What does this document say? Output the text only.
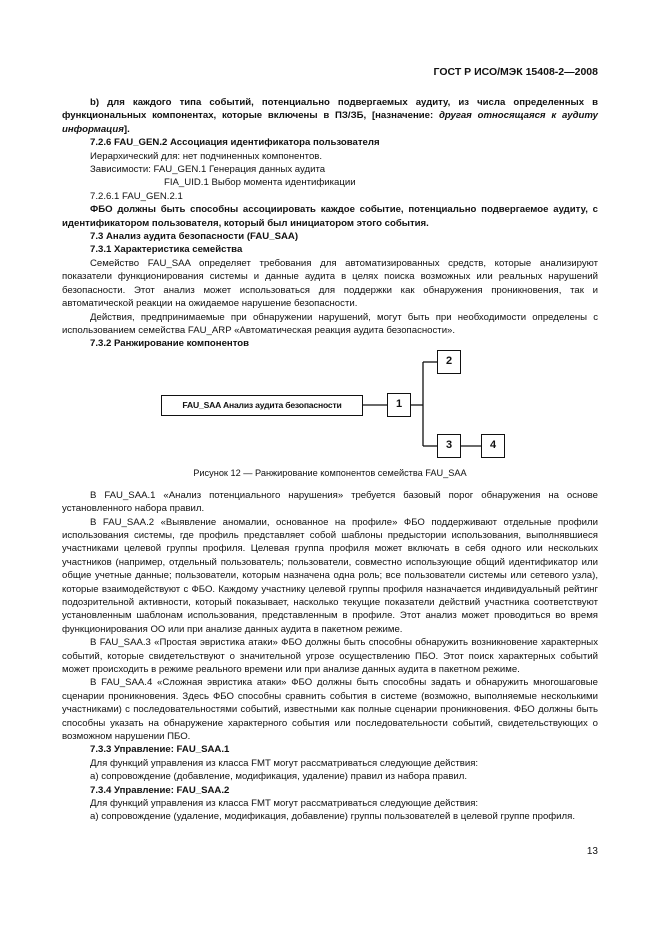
ГОСТ Р ИСО/МЭК 15408-2—2008

b) для каждого типа событий, потенциально подвергаемых аудиту, из числа определенных в функциональных компонентах, которые включены в ПЗ/ЗБ, [назначение: другая относящаяся к аудиту информация].

7.2.6 FAU_GEN.2 Ассоциация идентификатора пользователя

Иерархический для: нет подчиненных компонентов.

Зависимости: FAU_GEN.1 Генерация данных аудита

FIA_UID.1 Выбор момента идентификации

7.2.6.1 FAU_GEN.2.1

ФБО должны быть способны ассоциировать каждое событие, потенциально подвергаемое аудиту, с идентификатором пользователя, который был инициатором этого события.

7.3 Анализ аудита безопасности (FAU_SAA)

7.3.1 Характеристика семейства

Семейство FAU_SAA определяет требования для автоматизированных средств, которые анализируют показатели функционирования системы и данные аудита в целях поиска возможных или реальных нарушений безопасности. Этот анализ может использоваться для поддержки как обнаружения проникновения, так и автоматической реакции на ожидаемое нарушение безопасности.

Действия, предпринимаемые при обнаружении нарушений, могут быть при необходимости определены с использованием семейства FAU_ARP «Автоматическая реакция аудита безопасности».

7.3.2 Ранжирование компонентов

FAU_SAA Анализ аудита безопасности	1
2
3	4

Рисунок 12 — Ранжирование компонентов семейства FAU_SAA

В FAU_SAA.1 «Анализ потенциального нарушения» требуется базовый порог обнаружения на основе установленного набора правил.

В FAU_SAA.2 «Выявление аномалии, основанное на профиле» ФБО поддерживают отдельные профили использования системы, где профиль представляет собой шаблоны предыстории использования, выполнявшиеся участниками целевой группы профиля. Целевая группа профиля может включать в себя одного или нескольких участников (например, отдельный пользователь; пользователи, совместно использующие общий идентификатор или общие учетные данные; пользователи, которым назначена одна роль; все пользователи системы или сетевого узла), которые взаимодействуют с ФБО. Каждому участнику целевой группы профиля назначается индивидуальный рейтинг подозрительной активности, который показывает, насколько текущие показатели действий участника соответствуют установленным шаблонам использования, представленным в профиле. Этот анализ может проводиться во время функционирования ОО или при анализе данных аудита в пакетном режиме.

В FAU_SAA.3 «Простая эвристика атаки» ФБО должны быть способны обнаружить возникновение характерных событий, которые свидетельствуют о значительной угрозе осуществлению ПБО. Этот поиск характерных событий может происходить в режиме реального времени или при анализе данных аудита в пакетном режиме.

В FAU_SAA.4 «Сложная эвристика атаки» ФБО должны быть способны задать и обнаружить многошаговые сценарии проникновения. Здесь ФБО способны сравнить события в системе (возможно, выполняемые несколькими участниками) с последовательностями событий, известными как полные сценарии проникновения. ФБО должны быть способны указать на обнаружение характерного события или последовательности событий, свидетельствующих о возможном нарушении ПБО.

7.3.3 Управление: FAU_SAA.1

Для функций управления из класса FMT могут рассматриваться следующие действия:

а) сопровождение (добавление, модификация, удаление) правил из набора правил.

7.3.4 Управление: FAU_SAA.2

Для функций управления из класса FMT могут рассматриваться следующие действия:

а) сопровождение (удаление, модификация, добавление) группы пользователей в целевой группе профиля.

13
